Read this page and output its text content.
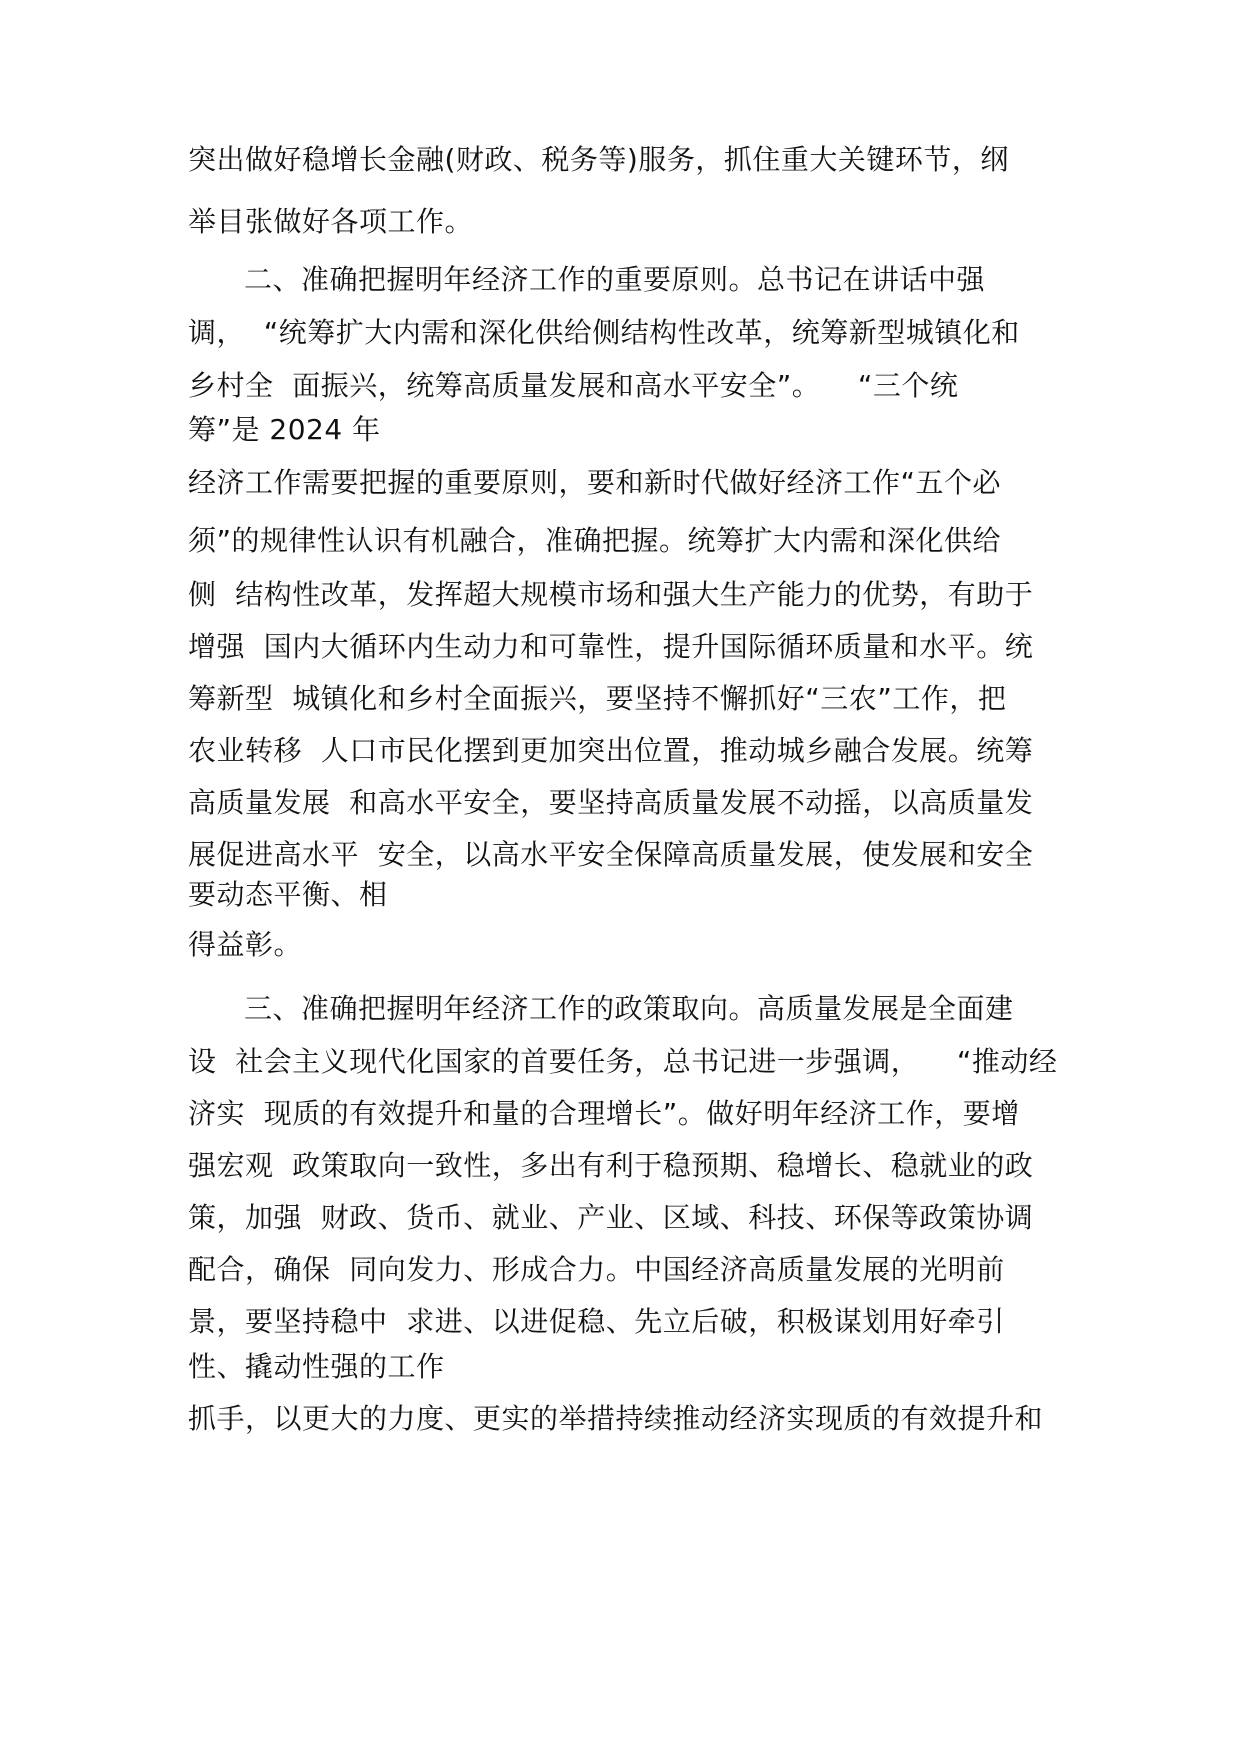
突出做好稳增长金融(财政、税务等)服务，抓住重大关键环节，纲
举目张做好各项工作。
二、准确把握明年经济工作的重要原则。总书记在讲话中强
调，  “统筹扩大内需和深化供给侧结构性改革，统筹新型城镇化和
乡村全  面振兴，统筹高质量发展和高水平安全”。    “三个统
筹”是 2024 年
经济工作需要把握的重要原则，要和新时代做好经济工作“五个必
须”的规律性认识有机融合，准确把握。统筹扩大内需和深化供给
侧  结构性改革，发挥超大规模市场和强大生产能力的优势，有助于
增强  国内大循环内生动力和可靠性，提升国际循环质量和水平。统
筹新型  城镇化和乡村全面振兴，要坚持不懈抓好“三农”工作，把
农业转移  人口市民化摆到更加突出位置，推动城乡融合发展。统筹
高质量发展  和高水平安全，要坚持高质量发展不动摇，以高质量发
展促进高水平  安全，以高水平安全保障高质量发展，使发展和安全
要动态平衡、相
得益彰。
三、准确把握明年经济工作的政策取向。高质量发展是全面建
设  社会主义现代化国家的首要任务，总书记进一步强调，    “推动经
济实  现质的有效提升和量的合理增长”。做好明年经济工作，要增
强宏观  政策取向一致性，多出有利于稳预期、稳增长、稳就业的政
策，加强  财政、货币、就业、产业、区域、科技、环保等政策协调
配合，确保  同向发力、形成合力。中国经济高质量发展的光明前
景，要坚持稳中  求进、以进促稳、先立后破，积极谋划用好牵引
性、撬动性强的工作
抓手，以更大的力度、更实的举措持续推动经济实现质的有效提升和
